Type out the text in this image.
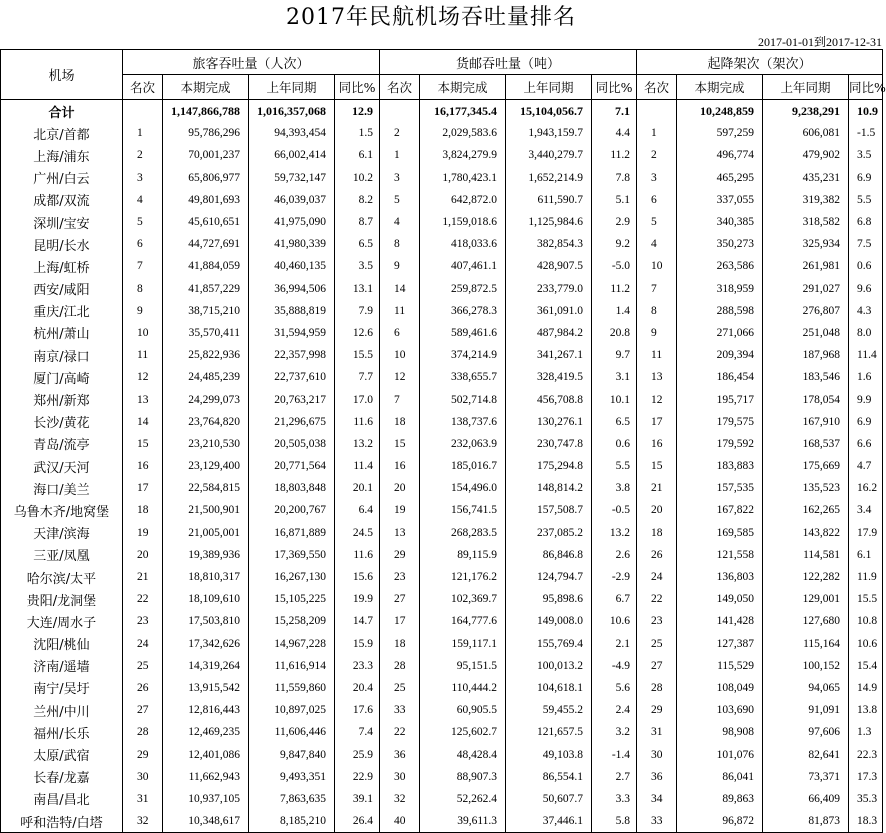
2017年民航机场吞吐量排名
2017-01-01到2017-12-31
机场	旅客吞吐量（人次）				货邮吞吐量（吨）				起降架次（架次）			
	名次	本期完成	上年同期	同比%	名次	本期完成	上年同期	同比%	名次	本期完成	上年同期	同比%
合计		1,147,866,788	1,016,357,068	12.9		16,177,345.4	15,104,056.7	7.1		10,248,859	9,238,291	10.9
北京/首都	1	95,786,296	94,393,454	1.5	2	2,029,583.6	1,943,159.7	4.4	1	597,259	606,081	-1.5
上海/浦东	2	70,001,237	66,002,414	6.1	1	3,824,279.9	3,440,279.7	11.2	2	496,774	479,902	3.5
广州/白云	3	65,806,977	59,732,147	10.2	3	1,780,423.1	1,652,214.9	7.8	3	465,295	435,231	6.9
成都/双流	4	49,801,693	46,039,037	8.2	5	642,872.0	611,590.7	5.1	6	337,055	319,382	5.5
深圳/宝安	5	45,610,651	41,975,090	8.7	4	1,159,018.6	1,125,984.6	2.9	5	340,385	318,582	6.8
昆明/长水	6	44,727,691	41,980,339	6.5	8	418,033.6	382,854.3	9.2	4	350,273	325,934	7.5
上海/虹桥	7	41,884,059	40,460,135	3.5	9	407,461.1	428,907.5	-5.0	10	263,586	261,981	0.6
西安/咸阳	8	41,857,229	36,994,506	13.1	14	259,872.5	233,779.0	11.2	7	318,959	291,027	9.6
重庆/江北	9	38,715,210	35,888,819	7.9	11	366,278.3	361,091.0	1.4	8	288,598	276,807	4.3
杭州/萧山	10	35,570,411	31,594,959	12.6	6	589,461.6	487,984.2	20.8	9	271,066	251,048	8.0
南京/禄口	11	25,822,936	22,357,998	15.5	10	374,214.9	341,267.1	9.7	11	209,394	187,968	11.4
厦门/高崎	12	24,485,239	22,737,610	7.7	12	338,655.7	328,419.5	3.1	13	186,454	183,546	1.6
郑州/新郑	13	24,299,073	20,763,217	17.0	7	502,714.8	456,708.8	10.1	12	195,717	178,054	9.9
长沙/黄花	14	23,764,820	21,296,675	11.6	18	138,737.6	130,276.1	6.5	17	179,575	167,910	6.9
青岛/流亭	15	23,210,530	20,505,038	13.2	15	232,063.9	230,747.8	0.6	16	179,592	168,537	6.6
武汉/天河	16	23,129,400	20,771,564	11.4	16	185,016.7	175,294.8	5.5	15	183,883	175,669	4.7
海口/美兰	17	22,584,815	18,803,848	20.1	20	154,496.0	148,814.2	3.8	21	157,535	135,523	16.2
乌鲁木齐/地窝堡	18	21,500,901	20,200,767	6.4	19	156,741.5	157,508.7	-0.5	20	167,822	162,265	3.4
天津/滨海	19	21,005,001	16,871,889	24.5	13	268,283.5	237,085.2	13.2	18	169,585	143,822	17.9
三亚/凤凰	20	19,389,936	17,369,550	11.6	29	89,115.9	86,846.8	2.6	26	121,558	114,581	6.1
哈尔滨/太平	21	18,810,317	16,267,130	15.6	23	121,176.2	124,794.7	-2.9	24	136,803	122,282	11.9
贵阳/龙洞堡	22	18,109,610	15,105,225	19.9	27	102,369.7	95,898.6	6.7	22	149,050	129,001	15.5
大连/周水子	23	17,503,810	15,258,209	14.7	17	164,777.6	149,008.0	10.6	23	141,428	127,680	10.8
沈阳/桃仙	24	17,342,626	14,967,228	15.9	18	159,117.1	155,769.4	2.1	25	127,387	115,164	10.6
济南/遥墙	25	14,319,264	11,616,914	23.3	28	95,151.5	100,013.2	-4.9	27	115,529	100,152	15.4
南宁/吴圩	26	13,915,542	11,559,860	20.4	25	110,444.2	104,618.1	5.6	28	108,049	94,065	14.9
兰州/中川	27	12,816,443	10,897,025	17.6	33	60,905.5	59,455.2	2.4	29	103,690	91,091	13.8
福州/长乐	28	12,469,235	11,606,446	7.4	22	125,602.7	121,657.5	3.2	31	98,908	97,606	1.3
太原/武宿	29	12,401,086	9,847,840	25.9	36	48,428.4	49,103.8	-1.4	30	101,076	82,641	22.3
长春/龙嘉	30	11,662,943	9,493,351	22.9	30	88,907.3	86,554.1	2.7	36	86,041	73,371	17.3
南昌/昌北	31	10,937,105	7,863,635	39.1	32	52,262.4	50,607.7	3.3	34	89,863	66,409	35.3
呼和浩特/白塔	32	10,348,617	8,185,210	26.4	40	39,611.3	37,446.1	5.8	33	96,872	81,873	18.3
